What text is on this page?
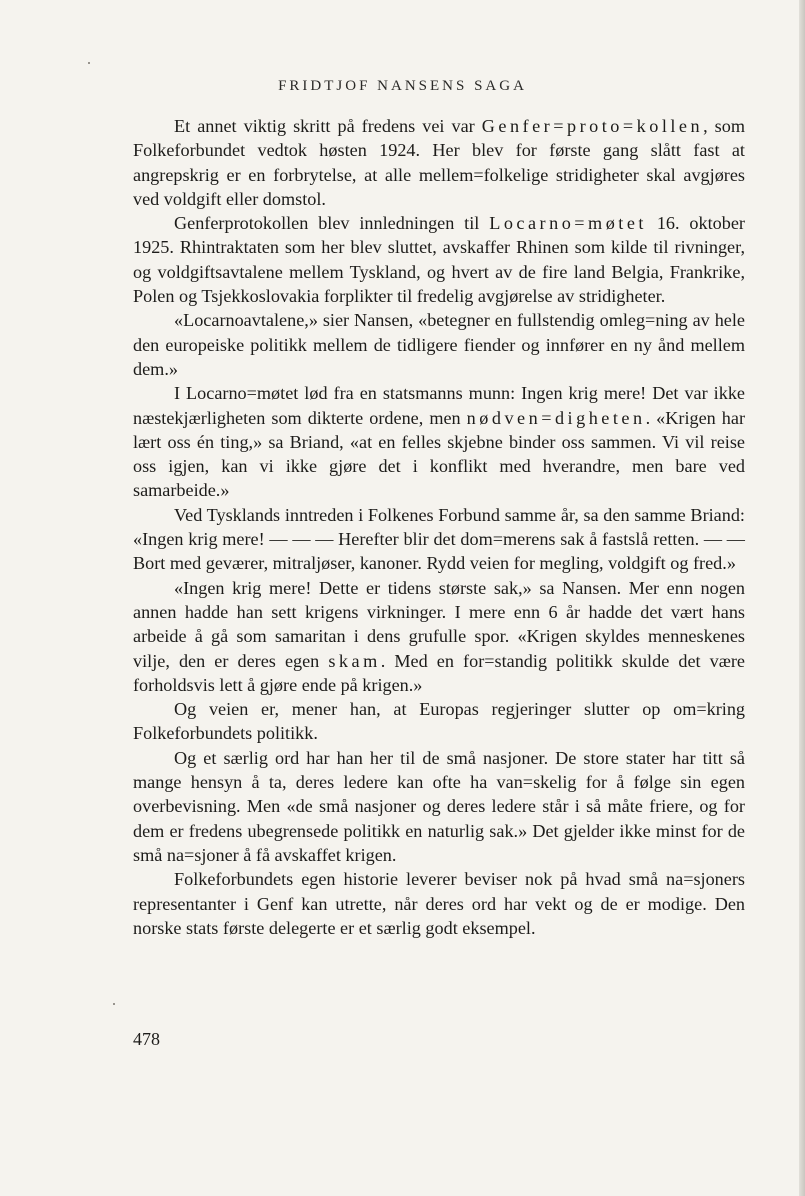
FRIDTJOF NANSENS SAGA

Et annet viktig skritt på fredens vei var Genfer=proto=kollen, som Folkeforbundet vedtok høsten 1924. Her blev for første gang slått fast at angrepskrig er en forbrytelse, at alle mellem=folkelige stridigheter skal avgjøres ved voldgift eller domstol.

Genferprotokollen blev innledningen til Locarno=møtet 16. oktober 1925. Rhintraktaten som her blev sluttet, avskaffer Rhinen som kilde til rivninger, og voldgiftsavtalene mellem Tyskland, og hvert av de fire land Belgia, Frankrike, Polen og Tsjekkoslovakia forplikter til fredelig avgjørelse av stridigheter.

«Locarnoavtalene,» sier Nansen, «betegner en fullstendig omleg=ning av hele den europeiske politikk mellem de tidligere fiender og innfører en ny ånd mellem dem.»

I Locarno=møtet lød fra en statsmanns munn: Ingen krig mere! Det var ikke næstekjærligheten som dikterte ordene, men nødven=digheten. «Krigen har lært oss én ting,» sa Briand, «at en felles skjebne binder oss sammen. Vi vil reise oss igjen, kan vi ikke gjøre det i konflikt med hverandre, men bare ved samarbeide.»

Ved Tysklands inntreden i Folkenes Forbund samme år, sa den samme Briand: «Ingen krig mere! — — — Herefter blir det dom=merens sak å fastslå retten. — — Bort med geværer, mitraljøser, kanoner. Rydd veien for megling, voldgift og fred.»

«Ingen krig mere! Dette er tidens største sak,» sa Nansen. Mer enn nogen annen hadde han sett krigens virkninger. I mere enn 6 år hadde det vært hans arbeide å gå som samaritan i dens grufulle spor. «Krigen skyldes menneskenes vilje, den er deres egen skam. Med en for=standig politikk skulde det være forholdsvis lett å gjøre ende på krigen.»

Og veien er, mener han, at Europas regjeringer slutter op om=kring Folkeforbundets politikk.

Og et særlig ord har han her til de små nasjoner. De store stater har titt så mange hensyn å ta, deres ledere kan ofte ha van=skelig for å følge sin egen overbevisning. Men «de små nasjoner og deres ledere står i så måte friere, og for dem er fredens ubegrensede politikk en naturlig sak.» Det gjelder ikke minst for de små na=sjoner å få avskaffet krigen.

Folkeforbundets egen historie leverer beviser nok på hvad små na=sjoners representanter i Genf kan utrette, når deres ord har vekt og de er modige. Den norske stats første delegerte er et særlig godt eksempel.

478
